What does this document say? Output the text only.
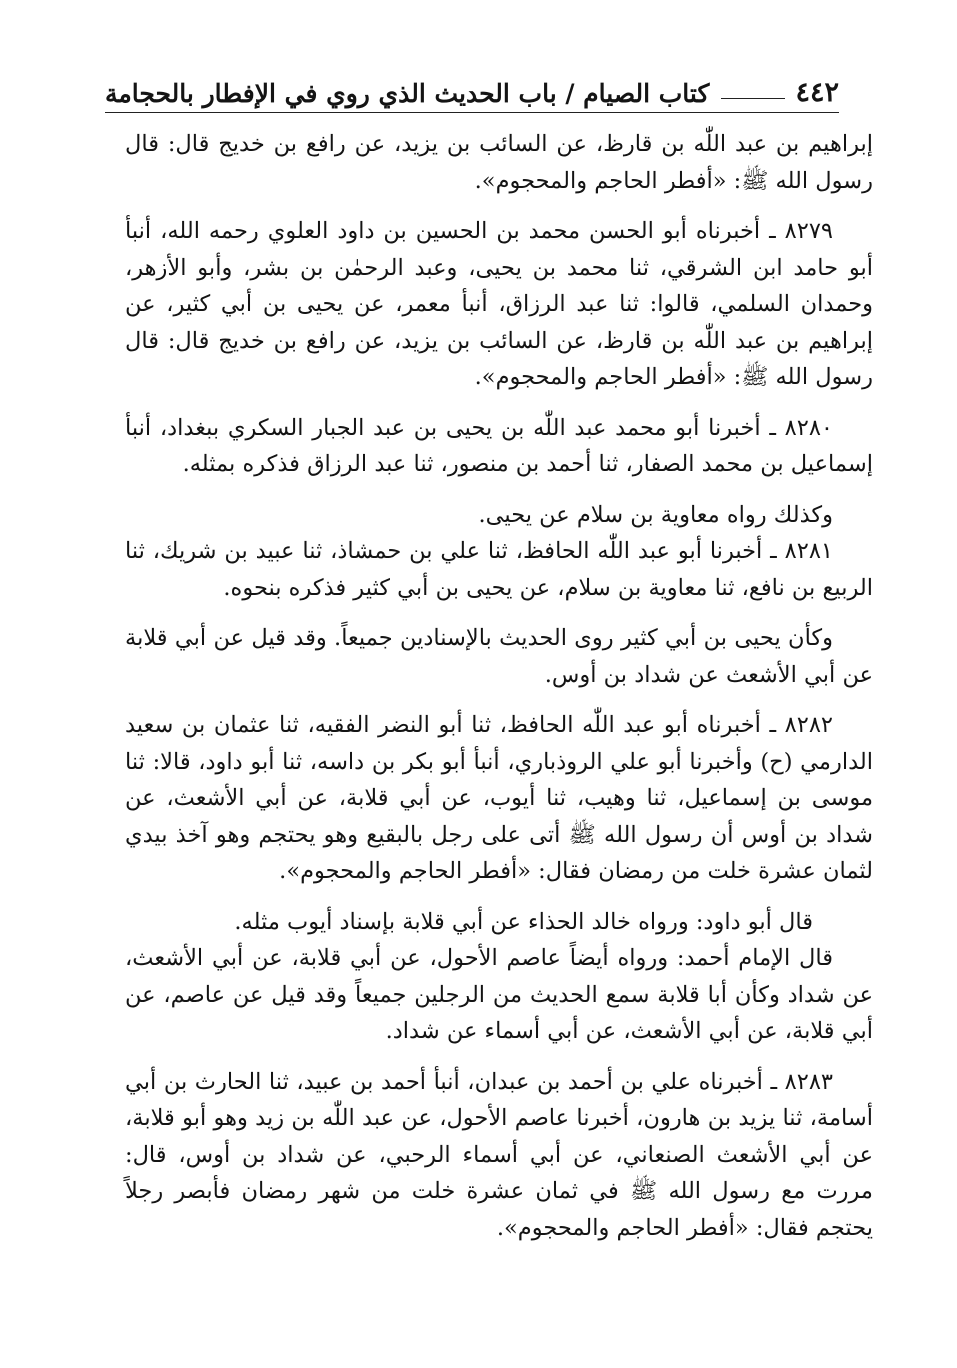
٤٤٢
كتاب الصيام / باب الحديث الذي روي في الإفطار بالحجامة

إبراهيم بن عبد اللّٰه بن قارظ، عن السائب بن يزيد، عن رافع بن خديج قال: قال رسول الله ﷺ: «أفطر الحاجم والمحجوم».

٨٢٧٩ ـ أخبرناه أبو الحسن محمد بن الحسين بن داود العلوي رحمه الله، أنبأ أبو حامد ابن الشرقي، ثنا محمد بن يحيى، وعبد الرحمٰن بن بشر، وأبو الأزهر، وحمدان السلمي، قالوا: ثنا عبد الرزاق، أنبأ معمر، عن يحيى بن أبي كثير، عن إبراهيم بن عبد اللّٰه بن قارظ، عن السائب بن يزيد، عن رافع بن خديج قال: قال رسول الله ﷺ: «أفطر الحاجم والمحجوم».

٨٢٨٠ ـ أخبرنا أبو محمد عبد اللّٰه بن يحيى بن عبد الجبار السكري ببغداد، أنبأ إسماعيل بن محمد الصفار، ثنا أحمد بن منصور، ثنا عبد الرزاق فذكره بمثله.

وكذلك رواه معاوية بن سلام عن يحيى.

٨٢٨١ ـ أخبرنا أبو عبد اللّٰه الحافظ، ثنا علي بن حمشاذ، ثنا عبيد بن شريك، ثنا الربيع بن نافع، ثنا معاوية بن سلام، عن يحيى بن أبي كثير فذكره بنحوه.

وكأن يحيى بن أبي كثير روى الحديث بالإسنادين جميعاً. وقد قيل عن أبي قلابة عن أبي الأشعث عن شداد بن أوس.

٨٢٨٢ ـ أخبرناه أبو عبد اللّٰه الحافظ، ثنا أبو النضر الفقيه، ثنا عثمان بن سعيد الدارمي (ح) وأخبرنا أبو علي الروذباري، أنبأ أبو بكر بن داسه، ثنا أبو داود، قالا: ثنا موسى بن إسماعيل، ثنا وهيب، ثنا أيوب، عن أبي قلابة، عن أبي الأشعث، عن شداد بن أوس أن رسول الله ﷺ أتى على رجل بالبقيع وهو يحتجم وهو آخذ بيدي لثمان عشرة خلت من رمضان فقال: «أفطر الحاجم والمحجوم».

قال أبو داود: ورواه خالد الحذاء عن أبي قلابة بإسناد أيوب مثله.

قال الإمام أحمد: ورواه أيضاً عاصم الأحول، عن أبي قلابة، عن أبي الأشعث، عن شداد وكأن أبا قلابة سمع الحديث من الرجلين جميعاً وقد قيل عن عاصم، عن أبي قلابة، عن أبي الأشعث، عن أبي أسماء عن شداد.

٨٢٨٣ ـ أخبرناه علي بن أحمد بن عبدان، أنبأ أحمد بن عبيد، ثنا الحارث بن أبي أسامة، ثنا يزيد بن هارون، أخبرنا عاصم الأحول، عن عبد اللّٰه بن زيد وهو أبو قلابة، عن أبي الأشعث الصنعاني، عن أبي أسماء الرحبي، عن شداد بن أوس، قال: مررت مع رسول الله ﷺ في ثمان عشرة خلت من شهر رمضان فأبصر رجلاً يحتجم فقال: «أفطر الحاجم والمحجوم».
